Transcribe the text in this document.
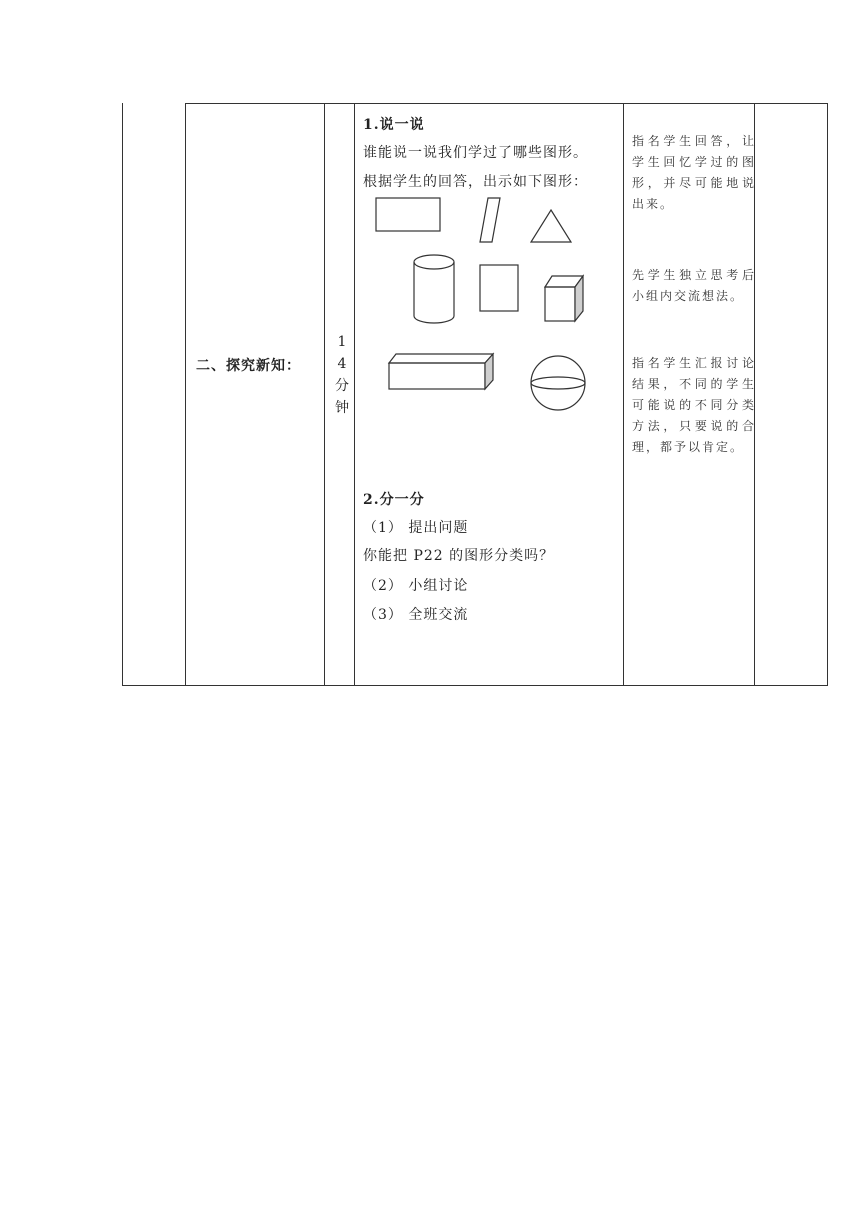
二、探究新知：
1
4
分
钟
1.说一说
谁能说一说我们学过了哪些图形。
根据学生的回答，出示如下图形：
2.分一分
（1） 提出问题
你能把 P22 的图形分类吗？
（2） 小组讨论
（3） 全班交流
指名学生回答，让学生回忆学过的图形，并尽可能地说出来。
先学生独立思考后小组内交流想法。
指名学生汇报讨论结果，不同的学生可能说的不同分类方法，只要说的合理，都予以肯定。
